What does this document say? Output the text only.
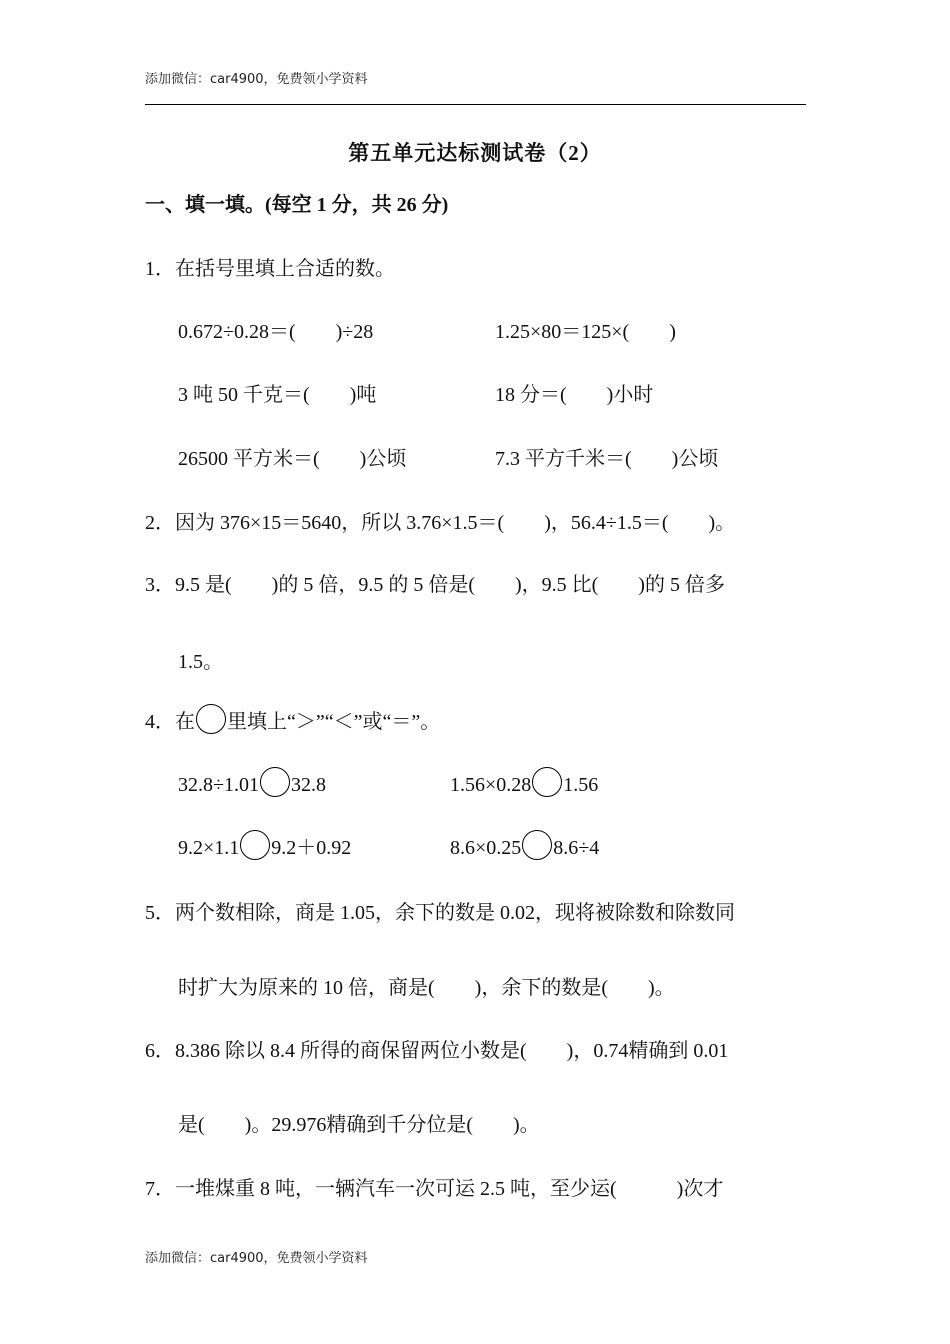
添加微信：car4900，免费领小学资料
第五单元达标测试卷（2）
一、填一填。(每空 1 分，共 26 分)
1．在括号里填上合适的数。
0.672÷0.28＝(　　)÷28	1.25×80＝125×(　　)
3 吨 50 千克＝(　　)吨	18 分＝(　　)小时
26500 平方米＝(　　)公顷	7.3 平方千米＝(　　)公顷
2．因为 376×15＝5640，所以 3.76×1.5＝(　　)，56.4÷1.5＝(　　)。
3．9.5 是(　　)的 5 倍，9.5 的 5 倍是(　　)，9.5 比(　　)的 5 倍多
1.5。
4．在 里填上“＞”“＜”或“＝”。
32.8÷1.01 32.8	1.56×0.28 1.56
9.2×1.1 9.2＋0.92	8.6×0.25 8.6÷4
5．两个数相除，商是 1.05，余下的数是 0.02，现将被除数和除数同
时扩大为原来的 10 倍，商是(　　)，余下的数是(　　)。
6．8.386 除以 8.4 所得的商保留两位小数是(　　)，0.74精确到 0.01
是(　　)。29.976精确到千分位是(　　)。
7．一堆煤重 8 吨，一辆汽车一次可运 2.5 吨，至少运(　　　)次才
添加微信：car4900，免费领小学资料
